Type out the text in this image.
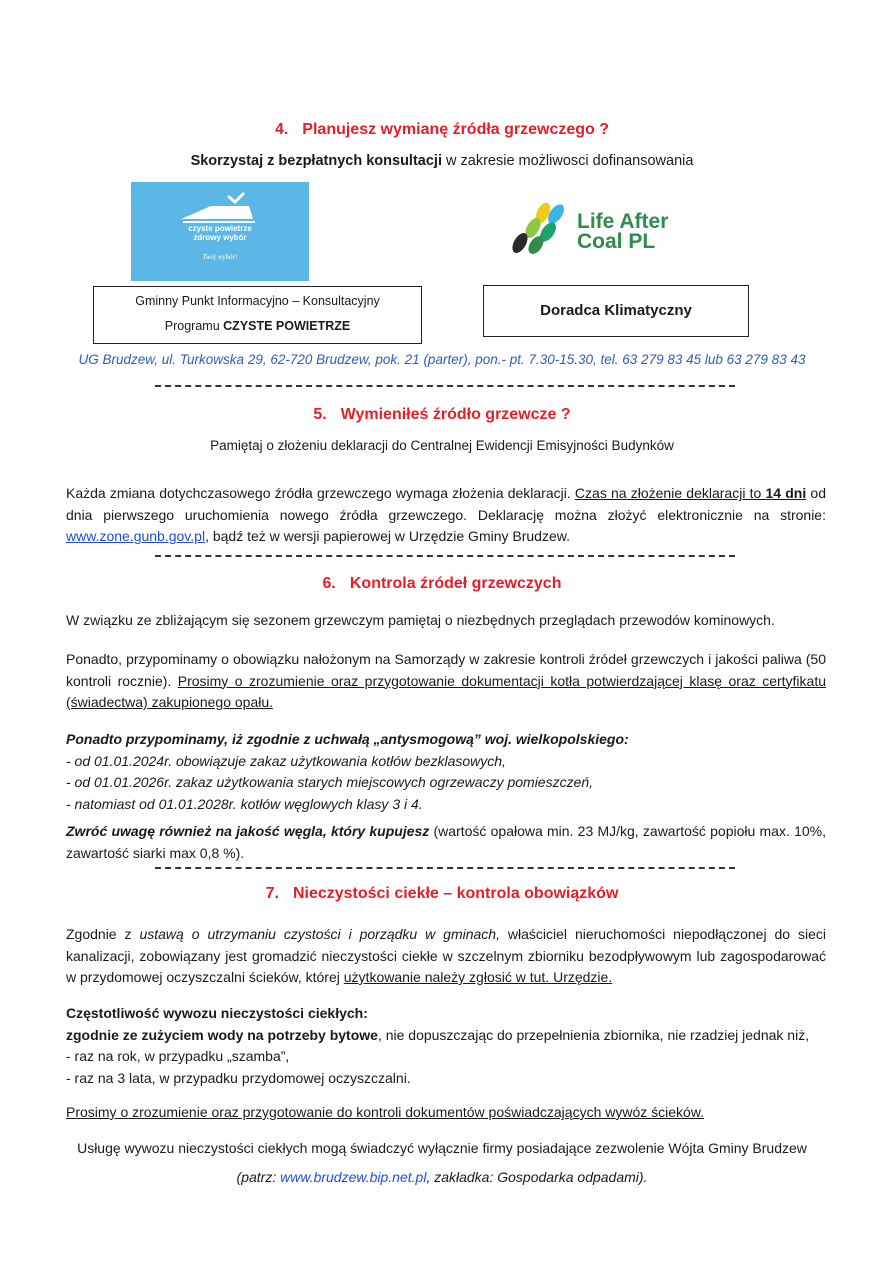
4. Planujesz wymianę źródła grzewczego ?
Skorzystaj z bezpłatnych konsultacji w zakresie możliwosci dofinansowania
czyste powietrze
zdrowy wybór
Twój wybór!
Life After
Coal PL
Gminny Punkt Informacyjno – Konsultacyjny
Programu CZYSTE POWIETRZE
Doradca Klimatyczny
UG Brudzew, ul. Turkowska 29, 62-720 Brudzew, pok. 21 (parter), pon.- pt. 7.30-15.30, tel. 63 279 83 45 lub 63 279 83 43
5. Wymieniłeś źródło grzewcze ?
Pamiętaj o złożeniu deklaracji do Centralnej Ewidencji Emisyjności Budynków
Każda zmiana dotychczasowego źródła grzewczego wymaga złożenia deklaracji. Czas na złożenie deklaracji to 14 dni od dnia pierwszego uruchomienia nowego źródła grzewczego. Deklarację można złożyć elektronicznie na stronie: www.zone.gunb.gov.pl, bądź też w wersji papierowej w Urzędzie Gminy Brudzew.
6. Kontrola źródeł grzewczych
W związku ze zbliżającym się sezonem grzewczym pamiętaj o niezbędnych przeglądach przewodów kominowych.
Ponadto, przypominamy o obowiązku nałożonym na Samorządy w zakresie kontroli źródeł grzewczych i jakości paliwa (50 kontroli rocznie). Prosimy o zrozumienie oraz przygotowanie dokumentacji kotła potwierdzającej klasę oraz certyfikatu (świadectwa) zakupionego opału.
Ponadto przypominamy, iż zgodnie z uchwałą „antysmogową” woj. wielkopolskiego:
- od 01.01.2024r. obowiązuje zakaz użytkowania kotłów bezklasowych,
- od 01.01.2026r. zakaz użytkowania starych miejscowych ogrzewaczy pomieszczeń,
- natomiast od 01.01.2028r. kotłów węglowych klasy 3 i 4.
Zwróć uwagę również na jakość węgla, który kupujesz (wartość opałowa min. 23 MJ/kg, zawartość popiołu max. 10%, zawartość siarki max 0,8 %).
7. Nieczystości ciekłe – kontrola obowiązków
Zgodnie z ustawą o utrzymaniu czystości i porządku w gminach, właściciel nieruchomości niepodłączonej do sieci kanalizacji, zobowiązany jest gromadzić nieczystości ciekłe w szczelnym zbiorniku bezodpływowym lub zagospodarować w przydomowej oczyszczalni ścieków, której użytkowanie należy zgłosić w tut. Urzędzie.
Częstotliwość wywozu nieczystości ciekłych:
zgodnie ze zużyciem wody na potrzeby bytowe, nie dopuszczając do przepełnienia zbiornika, nie rzadziej jednak niż,
- raz na rok, w przypadku „szamba”,
- raz na 3 lata, w przypadku przydomowej oczyszczalni.
Prosimy o zrozumienie oraz przygotowanie do kontroli dokumentów poświadczających wywóz ścieków.
Usługę wywozu nieczystości ciekłych mogą świadczyć wyłącznie firmy posiadające zezwolenie Wójta Gminy Brudzew
(patrz: www.brudzew.bip.net.pl, zakładka: Gospodarka odpadami).
